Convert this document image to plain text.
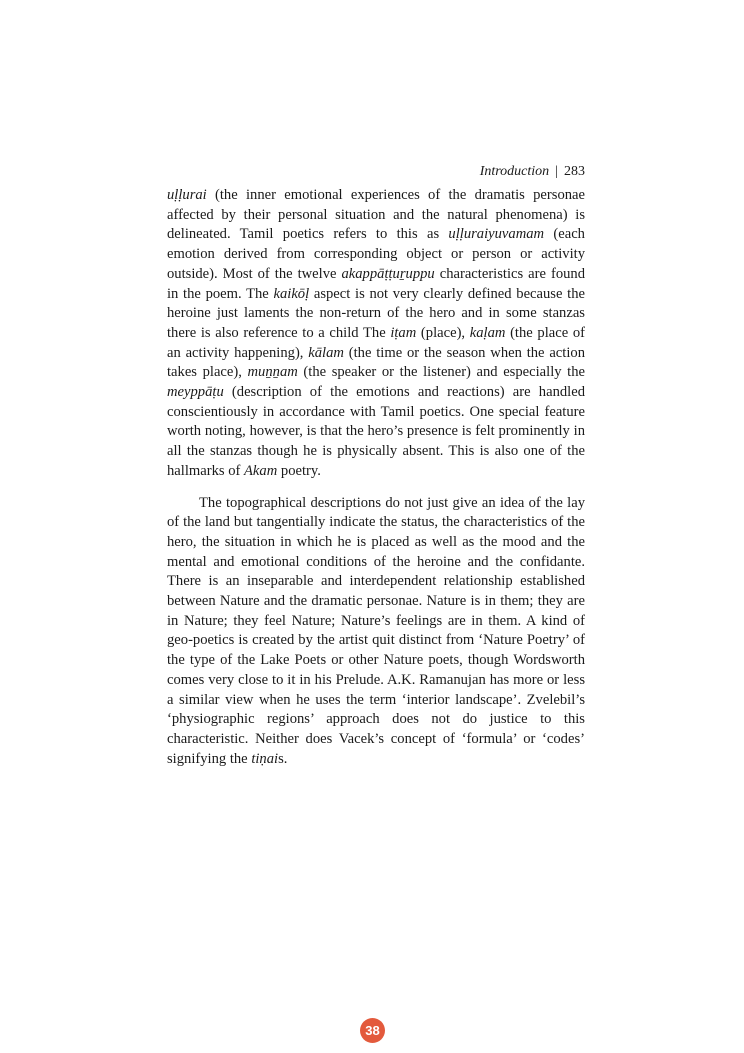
Introduction | 283

uḷḷurai (the inner emotional experiences of the dramatis personae affected by their personal situation and the natural phenomena) is delineated. Tamil poetics refers to this as uḷḷuraiyuvamam (each emotion derived from corresponding object or person or activity outside). Most of the twelve akappāṭṭuṟuppu characteristics are found in the poem. The kaikōḷ aspect is not very clearly defined because the heroine just laments the non-return of the hero and in some stanzas there is also reference to a child The iṭam (place), kaḷam (the place of an activity happening), kālam (the time or the season when the action takes place), muṉṉam (the speaker or the listener) and especially the meyppāṭu (description of the emotions and reactions) are handled conscientiously in accordance with Tamil poetics. One special feature worth noting, however, is that the hero’s presence is felt prominently in all the stanzas though he is physically absent. This is also one of the hallmarks of Akam poetry.

The topographical descriptions do not just give an idea of the lay of the land but tangentially indicate the status, the characteristics of the hero, the situation in which he is placed as well as the mood and the mental and emotional conditions of the heroine and the confidante. There is an inseparable and interdependent relationship established between Nature and the dramatic personae. Nature is in them; they are in Nature; they feel Nature; Nature’s feelings are in them. A kind of geo-poetics is created by the artist quit distinct from ‘Nature Poetry’ of the type of the Lake Poets or other Nature poets, though Wordsworth comes very close to it in his Prelude. A.K. Ramanujan has more or less a similar view when he uses the term ‘interior landscape’. Zvelebil’s ‘physiographic regions’ approach does not do justice to this characteristic. Neither does Vacek’s concept of ‘formula’ or ‘codes’ signifying the tiṇais.

38
